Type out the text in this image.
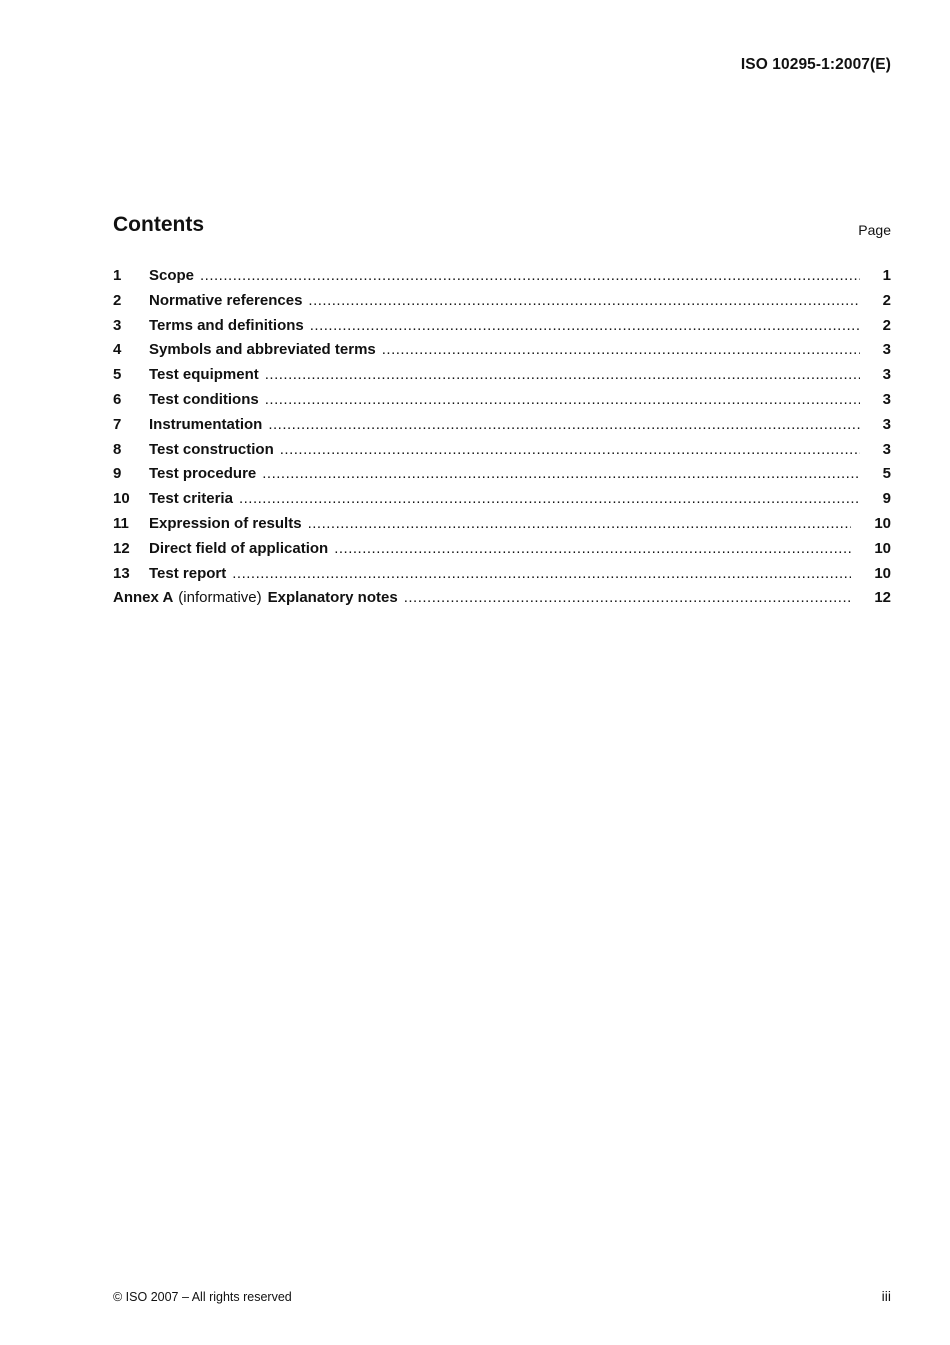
ISO 10295-1:2007(E)
Contents	Page
1	Scope .....	1
2	Normative references .....	2
3	Terms and definitions .....	2
4	Symbols and abbreviated terms .....	3
5	Test equipment .....	3
6	Test conditions .....	3
7	Instrumentation .....	3
8	Test construction .....	3
9	Test procedure .....	5
10	Test criteria .....	9
11	Expression of results .....	10
12	Direct field of application .....	10
13	Test report .....	10
Annex A (informative) Explanatory notes .....	12
© ISO 2007 – All rights reserved	iii
